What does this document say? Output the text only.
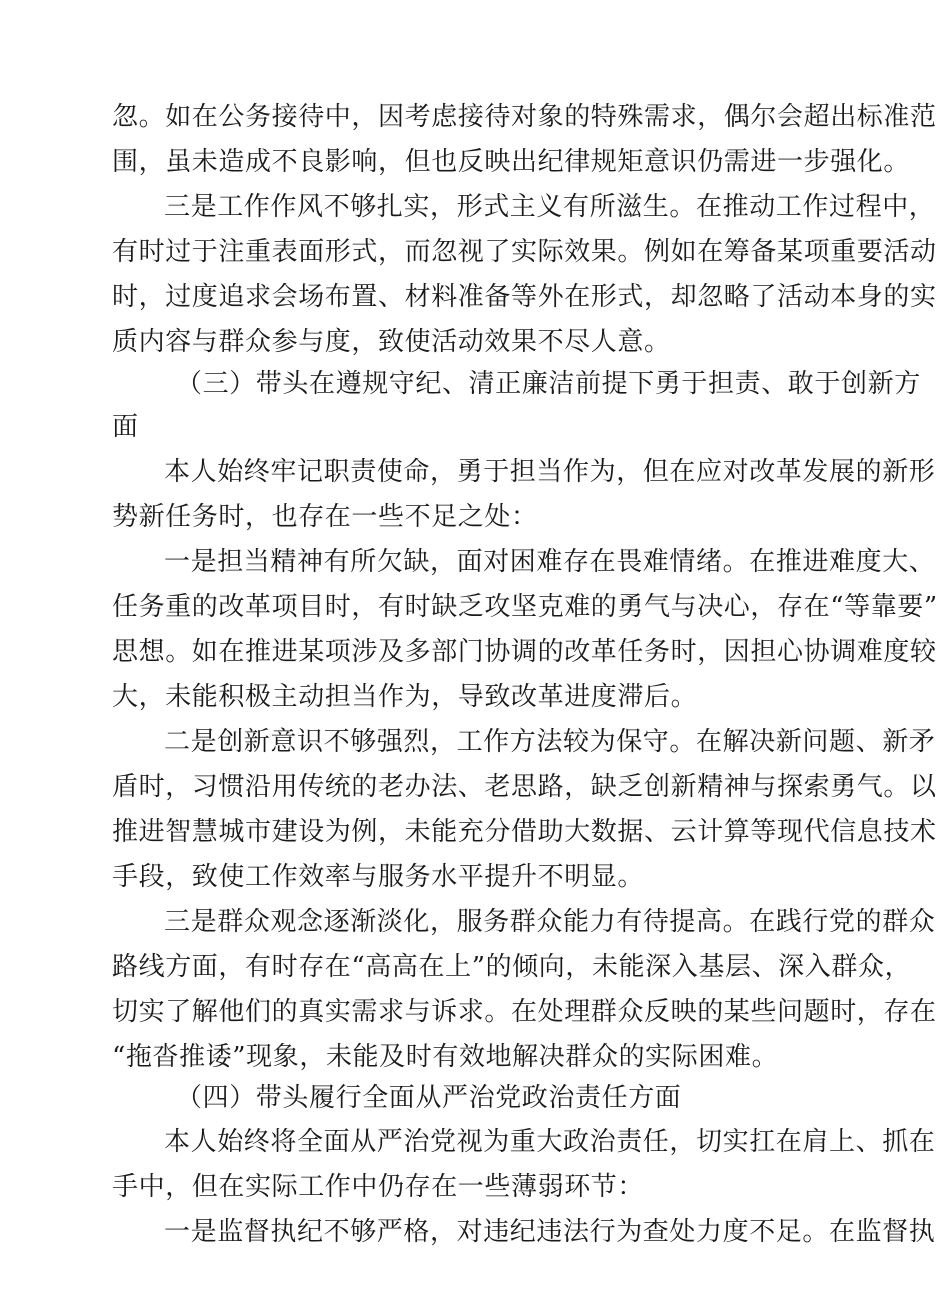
忽。如在公务接待中，因考虑接待对象的特殊需求，偶尔会超出标准范
围，虽未造成不良影响，但也反映出纪律规矩意识仍需进一步强化。
三是工作作风不够扎实，形式主义有所滋生。在推动工作过程中，
有时过于注重表面形式，而忽视了实际效果。例如在筹备某项重要活动
时，过度追求会场布置、材料准备等外在形式，却忽略了活动本身的实
质内容与群众参与度，致使活动效果不尽人意。
（三）带头在遵规守纪、清正廉洁前提下勇于担责、敢于创新方
面
本人始终牢记职责使命，勇于担当作为，但在应对改革发展的新形
势新任务时，也存在一些不足之处：
一是担当精神有所欠缺，面对困难存在畏难情绪。在推进难度大、
任务重的改革项目时，有时缺乏攻坚克难的勇气与决心，存在“等靠要”
思想。如在推进某项涉及多部门协调的改革任务时，因担心协调难度较
大，未能积极主动担当作为，导致改革进度滞后。
二是创新意识不够强烈，工作方法较为保守。在解决新问题、新矛
盾时，习惯沿用传统的老办法、老思路，缺乏创新精神与探索勇气。以
推进智慧城市建设为例，未能充分借助大数据、云计算等现代信息技术
手段，致使工作效率与服务水平提升不明显。
三是群众观念逐渐淡化，服务群众能力有待提高。在践行党的群众
路线方面，有时存在“高高在上”的倾向，未能深入基层、深入群众，
切实了解他们的真实需求与诉求。在处理群众反映的某些问题时，存在
“拖沓推诿”现象，未能及时有效地解决群众的实际困难。
（四）带头履行全面从严治党政治责任方面
本人始终将全面从严治党视为重大政治责任，切实扛在肩上、抓在
手中，但在实际工作中仍存在一些薄弱环节：
一是监督执纪不够严格，对违纪违法行为查处力度不足。在监督执
